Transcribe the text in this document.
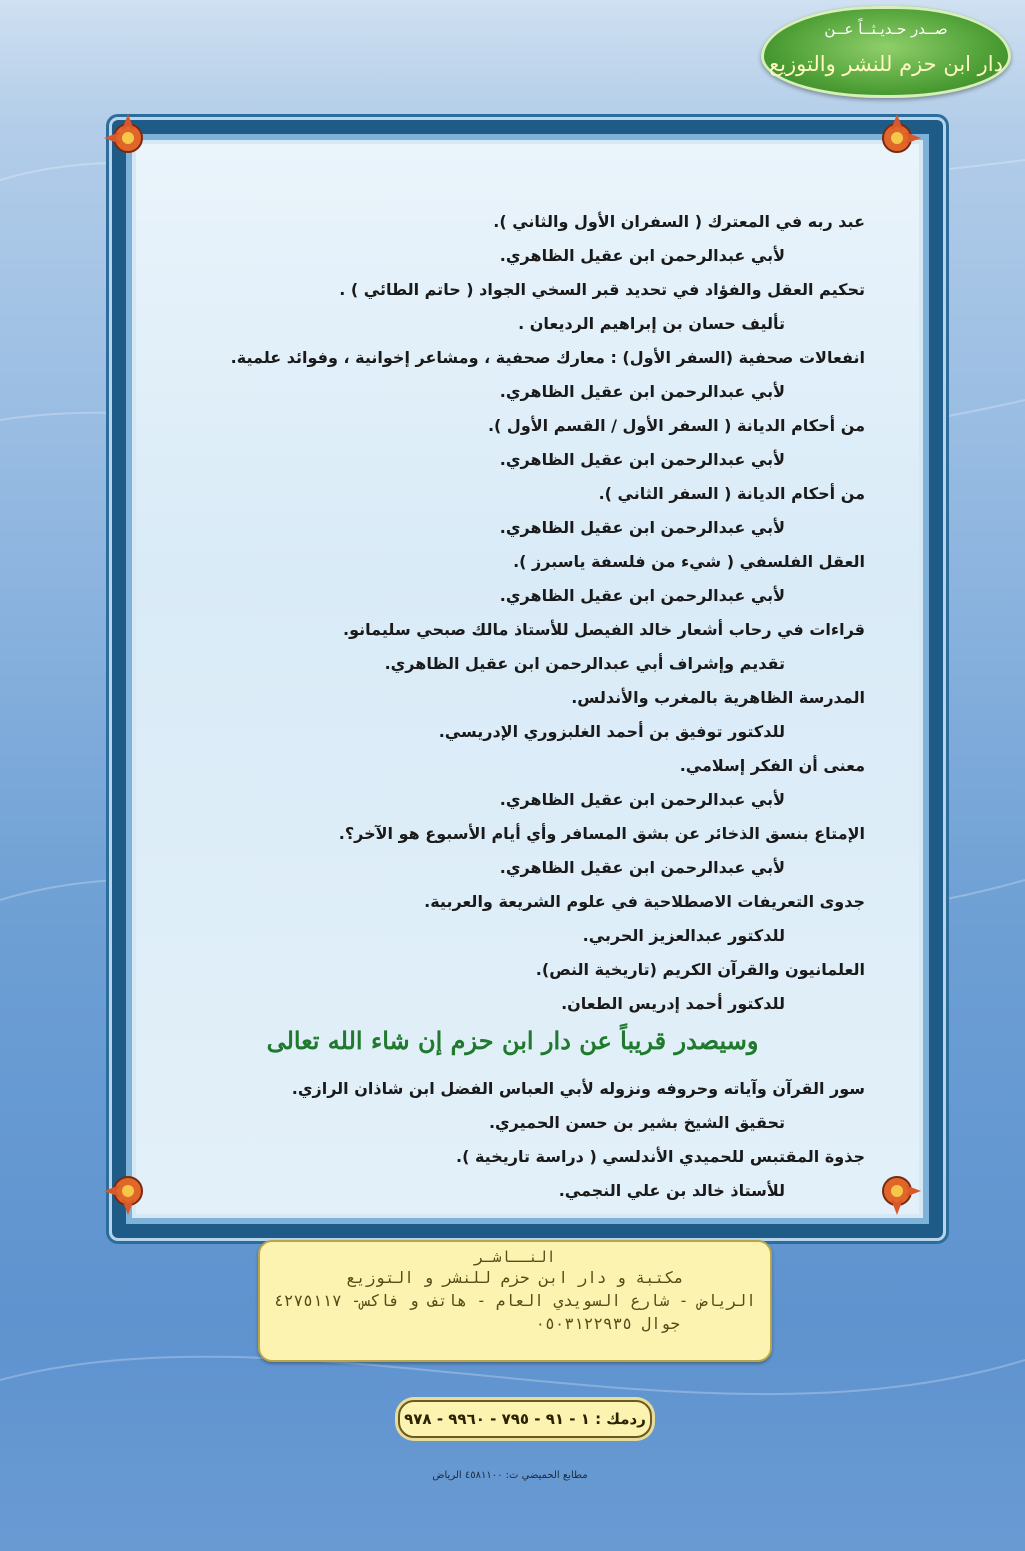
صــدر حـديـثــاً عــن
دار ابن حزم للنشر والتوزيع

عبد ربه في المعترك ( السفران الأول والثاني ).

لأبي عبدالرحمن ابن عقيل الظاهري.

تحكيم العقل والفؤاد في تحديد قبر السخي الجواد ( حاتم الطائي ) .

تأليف حسان بن إبراهيم الرديعان .

انفعالات صحفية (السفر الأول) : معارك صحفية ، ومشاعر إخوانية ، وفوائد علمية.

لأبي عبدالرحمن ابن عقيل الظاهري.

من أحكام الديانة ( السفر الأول / القسم الأول ).

لأبي عبدالرحمن ابن عقيل الظاهري.

من أحكام الديانة ( السفر الثاني ).

لأبي عبدالرحمن ابن عقيل الظاهري.

العقل الفلسفي ( شيء من فلسفة ياسبرز ).

لأبي عبدالرحمن ابن عقيل الظاهري.

قراءات في رحاب أشعار خالد الفيصل للأستاذ مالك صبحي سليمانو.

تقديم وإشراف أبي عبدالرحمن ابن عقيل الظاهري.

المدرسة الظاهرية بالمغرب والأندلس.

للدكتور توفيق بن أحمد الغلبزوري الإدريسي.

معنى أن الفكر إسلامي.

لأبي عبدالرحمن ابن عقيل الظاهري.

الإمتاع بنسق الذخائر عن بشق المسافر وأي أيام الأسبوع هو الآخر؟.

لأبي عبدالرحمن ابن عقيل الظاهري.

جدوى التعريفات الاصطلاحية في علوم الشريعة والعربية.

للدكتور عبدالعزيز الحربي.

العلمانيون والقرآن الكريم (تاريخية النص).

للدكتور أحمد إدريس الطعان.

وسيصدر قريباً عن دار ابن حزم إن شاء الله تعالى

سور القرآن وآياته وحروفه ونزوله لأبي العباس الفضل ابن شاذان الرازي.

تحقيق الشيخ بشير بن حسن الحميري.

جذوة المقتبس للحميدي الأندلسي ( دراسة تاريخية ).

للأستاذ خالد بن علي النجمي.

النــاشـر
مكتبة و دار ابن حزم للنشر و التوزيع
الرياض - شارع السويدي العام - هاتف و فاكس- ٤٢٧٥١١٧
جوال ٠٥٠٣١٢٢٩٣٥
ردمك : ١ - ٩١ - ٧٩٥ - ٩٩٦٠ - ٩٧٨
مطابع الحميضي ت: ٤٥٨١١٠٠ الرياض
